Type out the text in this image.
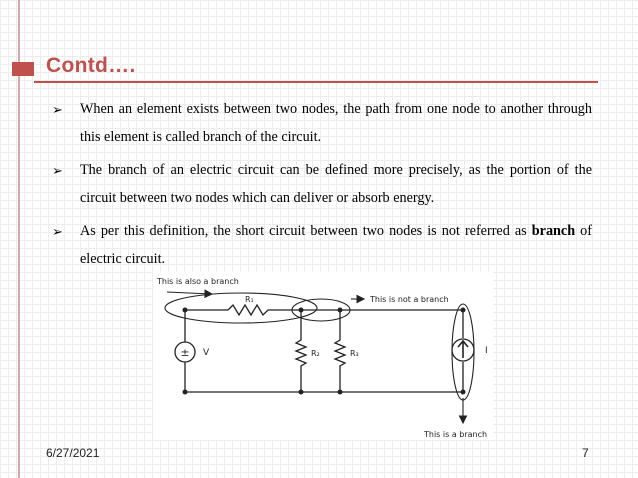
Contd….
➢ When an element exists between two nodes, the path from one node to another through this element is called branch of the circuit.
➢ The branch of an electric circuit can be defined more precisely, as the portion of the circuit between two nodes which can deliver or absorb energy.
➢ As per this definition, the short circuit between two nodes is not referred as branch of electric circuit.
± V	I
R₁
R₂	R₃
This is also a branch
This is not a branch
This is a branch
6/27/2021	7
